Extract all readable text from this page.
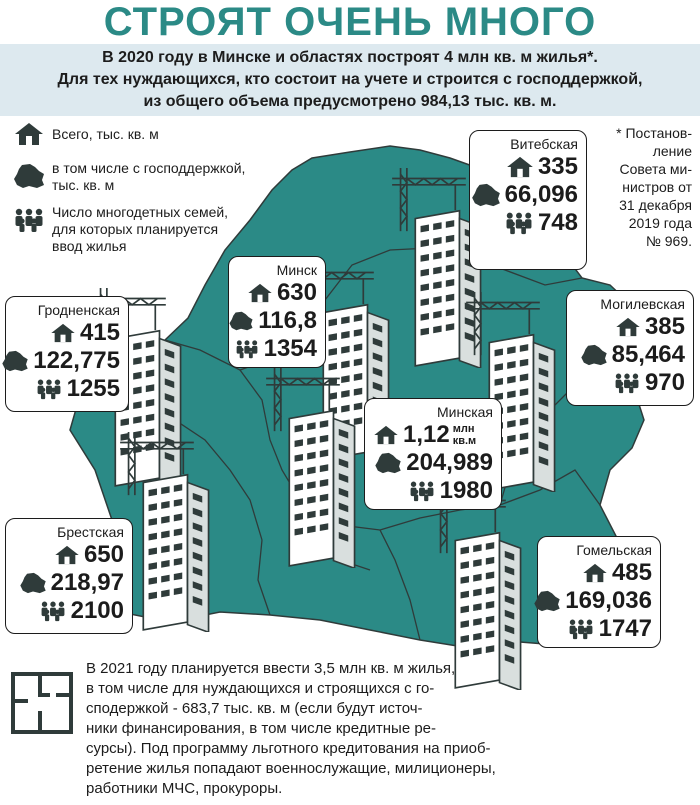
СТРОЯТ ОЧЕНЬ МНОГО
В 2020 году в Минске и областях построят 4 млн кв. м жилья*.
Для тех нуждающихся, кто состоит на учете и строится с господдержкой,
из общего объема предусмотрено 984,13 тыс. кв. м.
Всего, тыс. кв. м
в том числе с господдержкой,
тыс. кв. м
Число многодетных семей,
для которых планируется
ввод жилья
* Постанов-
ление
Совета ми-
нистров от
31 декабря
2019 года
№ 969.
Витебская
335
66,096
748
Минск
630
116,8
1354
Гродненская
415
122,775
1255
Могилевская
385
85,464
970
Минская
1,12 млн кв.м
204,989
1980
Брестская
650
218,97
2100
Гомельская
485
169,036
1747
В 2021 году планируется ввести 3,5 млн кв. м жилья,
в том числе для нуждающихся и строящихся с го-
сподержкой - 683,7 тыс. кв. м (если будут источ-
ники финансирования, в том числе кредитные ре-
сурсы). Под программу льготного кредитования на приоб-
ретение жилья попадают военнослужащие, милиционеры,
работники МЧС, прокуроры.
